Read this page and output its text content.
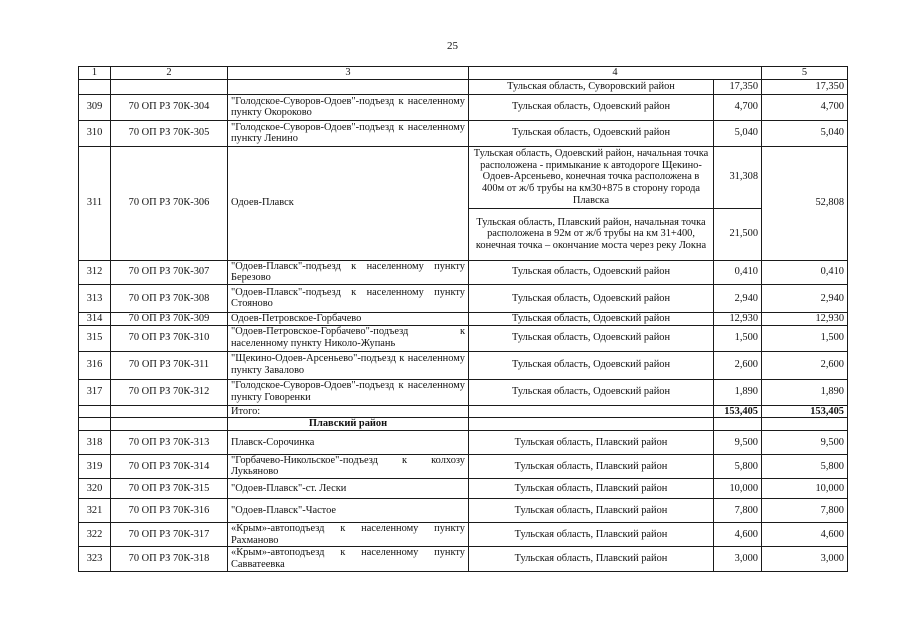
25
1	2	3	4		5
			Тульская область, Суворовский район	17,350	17,350
309	70 ОП РЗ 70К-304	"Голодское-Суворов-Одоев"-подъезд к населенному пункту Окороково	Тульская область, Одоевский район	4,700	4,700
310	70 ОП РЗ 70К-305	"Голодское-Суворов-Одоев"-подъезд к населенному пункту Ленино	Тульская область, Одоевский район	5,040	5,040
311	70 ОП РЗ 70К-306	Одоев-Плавск	Тульская область, Одоевский район, начальная точка расположена - примыкание к автодороге Щекино-Одоев-Арсеньево, конечная точка расположена в 400м от ж/б трубы на км30+875 в сторону города Плавска	31,308	52,808
			Тульская область, Плавский район, начальная точка расположена в 92м от ж/б трубы на км 31+400, конечная точка – окончание моста через реку Локна	21,500	
312	70 ОП РЗ 70К-307	"Одоев-Плавск"-подъезд к населенному пункту Березово	Тульская область, Одоевский район	0,410	0,410
313	70 ОП РЗ 70К-308	"Одоев-Плавск"-подъезд к населенному пункту Стояново	Тульская область, Одоевский район	2,940	2,940
314	70 ОП РЗ 70К-309	Одоев-Петровское-Горбачево	Тульская область, Одоевский район	12,930	12,930
315	70 ОП РЗ 70К-310	"Одоев-Петровское-Горбачево"-подъезд к населенному пункту Николо-Жупань	Тульская область, Одоевский район	1,500	1,500
316	70 ОП РЗ 70К-311	"Щекино-Одоев-Арсеньево"-подъезд к населенному пункту Завалово	Тульская область, Одоевский район	2,600	2,600
317	70 ОП РЗ 70К-312	"Голодское-Суворов-Одоев"-подъезд к населенному пункту Говоренки	Тульская область, Одоевский район	1,890	1,890
		Итого:		153,405	153,405
		Плавский район			
318	70 ОП РЗ 70К-313	Плавск-Сорочинка	Тульская область, Плавский район	9,500	9,500
319	70 ОП РЗ 70К-314	"Горбачево-Никольское"-подъезд к колхозу Лукьяново	Тульская область, Плавский район	5,800	5,800
320	70 ОП РЗ 70К-315	"Одоев-Плавск"-ст. Лески	Тульская область, Плавский район	10,000	10,000
321	70 ОП РЗ 70К-316	"Одоев-Плавск"-Частое	Тульская область, Плавский район	7,800	7,800
322	70 ОП РЗ 70К-317	«Крым»-автоподъезд к населенному пункту Рахманово	Тульская область, Плавский район	4,600	4,600
323	70 ОП РЗ 70К-318	«Крым»-автоподъезд к населенному пункту Савватеевка	Тульская область, Плавский район	3,000	3,000
